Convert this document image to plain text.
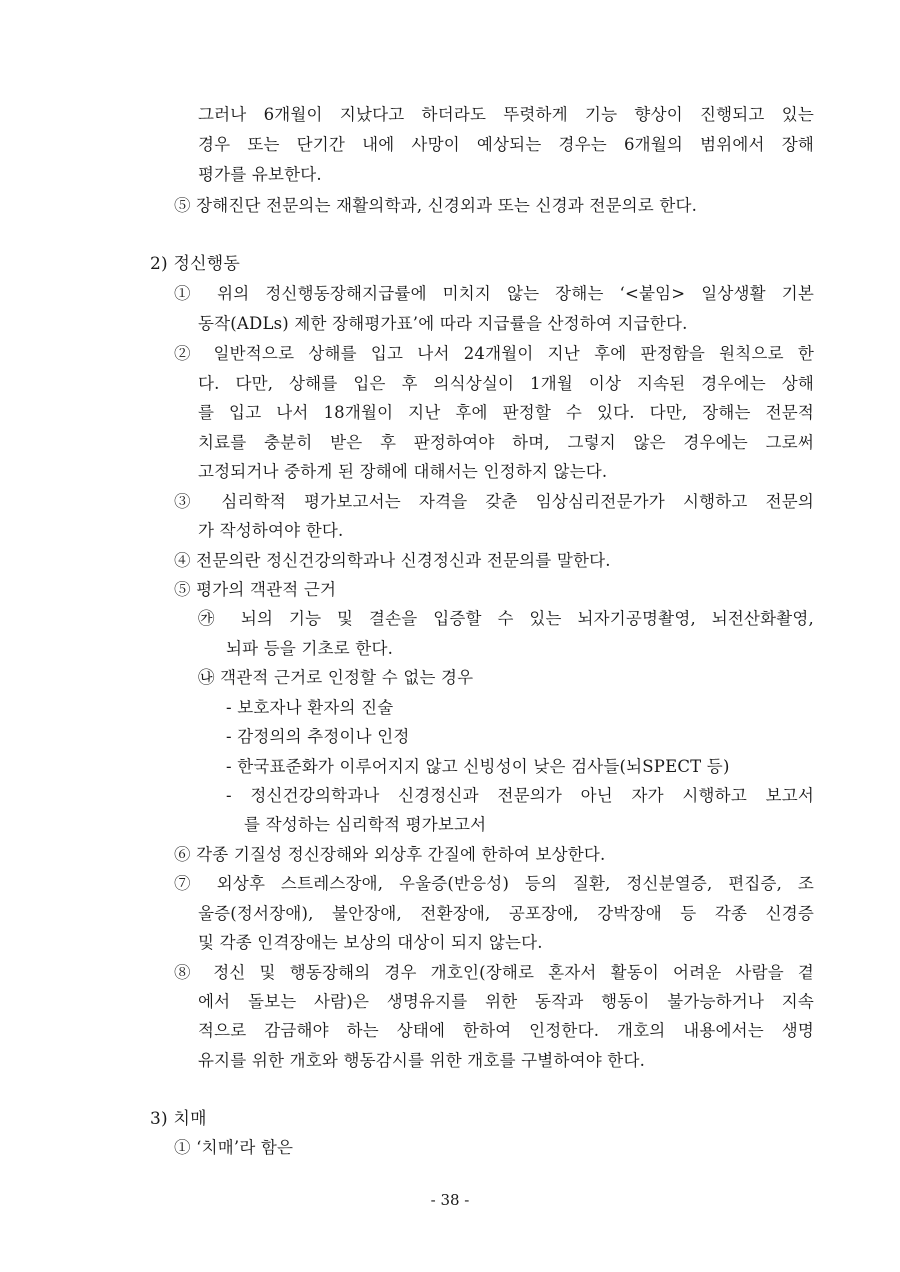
그러나 6개월이 지났다고 하더라도 뚜렷하게 기능 향상이 진행되고 있는
경우 또는 단기간 내에 사망이 예상되는 경우는 6개월의 범위에서 장해
평가를 유보한다.
⑤ 장해진단 전문의는 재활의학과, 신경외과 또는 신경과 전문의로 한다.
2) 정신행동
① 위의 정신행동장해지급률에 미치지 않는 장해는 ‘<붙임> 일상생활 기본
동작(ADLs) 제한 장해평가표’에 따라 지급률을 산정하여 지급한다.
② 일반적으로 상해를 입고 나서 24개월이 지난 후에 판정함을 원칙으로 한
다. 다만, 상해를 입은 후 의식상실이 1개월 이상 지속된 경우에는 상해
를 입고 나서 18개월이 지난 후에 판정할 수 있다. 다만, 장해는 전문적
치료를 충분히 받은 후 판정하여야 하며, 그렇지 않은 경우에는 그로써
고정되거나 중하게 된 장해에 대해서는 인정하지 않는다.
③ 심리학적 평가보고서는 자격을 갖춘 임상심리전문가가 시행하고 전문의
가 작성하여야 한다.
④ 전문의란 정신건강의학과나 신경정신과 전문의를 말한다.
⑤ 평가의 객관적 근거
㉮ 뇌의 기능 및 결손을 입증할 수 있는 뇌자기공명촬영, 뇌전산화촬영,
뇌파 등을 기초로 한다.
㉯ 객관적 근거로 인정할 수 없는 경우
- 보호자나 환자의 진술
- 감정의의 추정이나 인정
- 한국표준화가 이루어지지 않고 신빙성이 낮은 검사들(뇌SPECT 등)
- 정신건강의학과나 신경정신과 전문의가 아닌 자가 시행하고 보고서
를 작성하는 심리학적 평가보고서
⑥ 각종 기질성 정신장해와 외상후 간질에 한하여 보상한다.
⑦ 외상후 스트레스장애, 우울증(반응성) 등의 질환, 정신분열증, 편집증, 조
울증(정서장애), 불안장애, 전환장애, 공포장애, 강박장애 등 각종 신경증
및 각종 인격장애는 보상의 대상이 되지 않는다.
⑧ 정신 및 행동장해의 경우 개호인(장해로 혼자서 활동이 어려운 사람을 곁
에서 돌보는 사람)은 생명유지를 위한 동작과 행동이 불가능하거나 지속
적으로 감금해야 하는 상태에 한하여 인정한다. 개호의 내용에서는 생명
유지를 위한 개호와 행동감시를 위한 개호를 구별하여야 한다.
3) 치매
① ‘치매’라 함은
- 38 -
